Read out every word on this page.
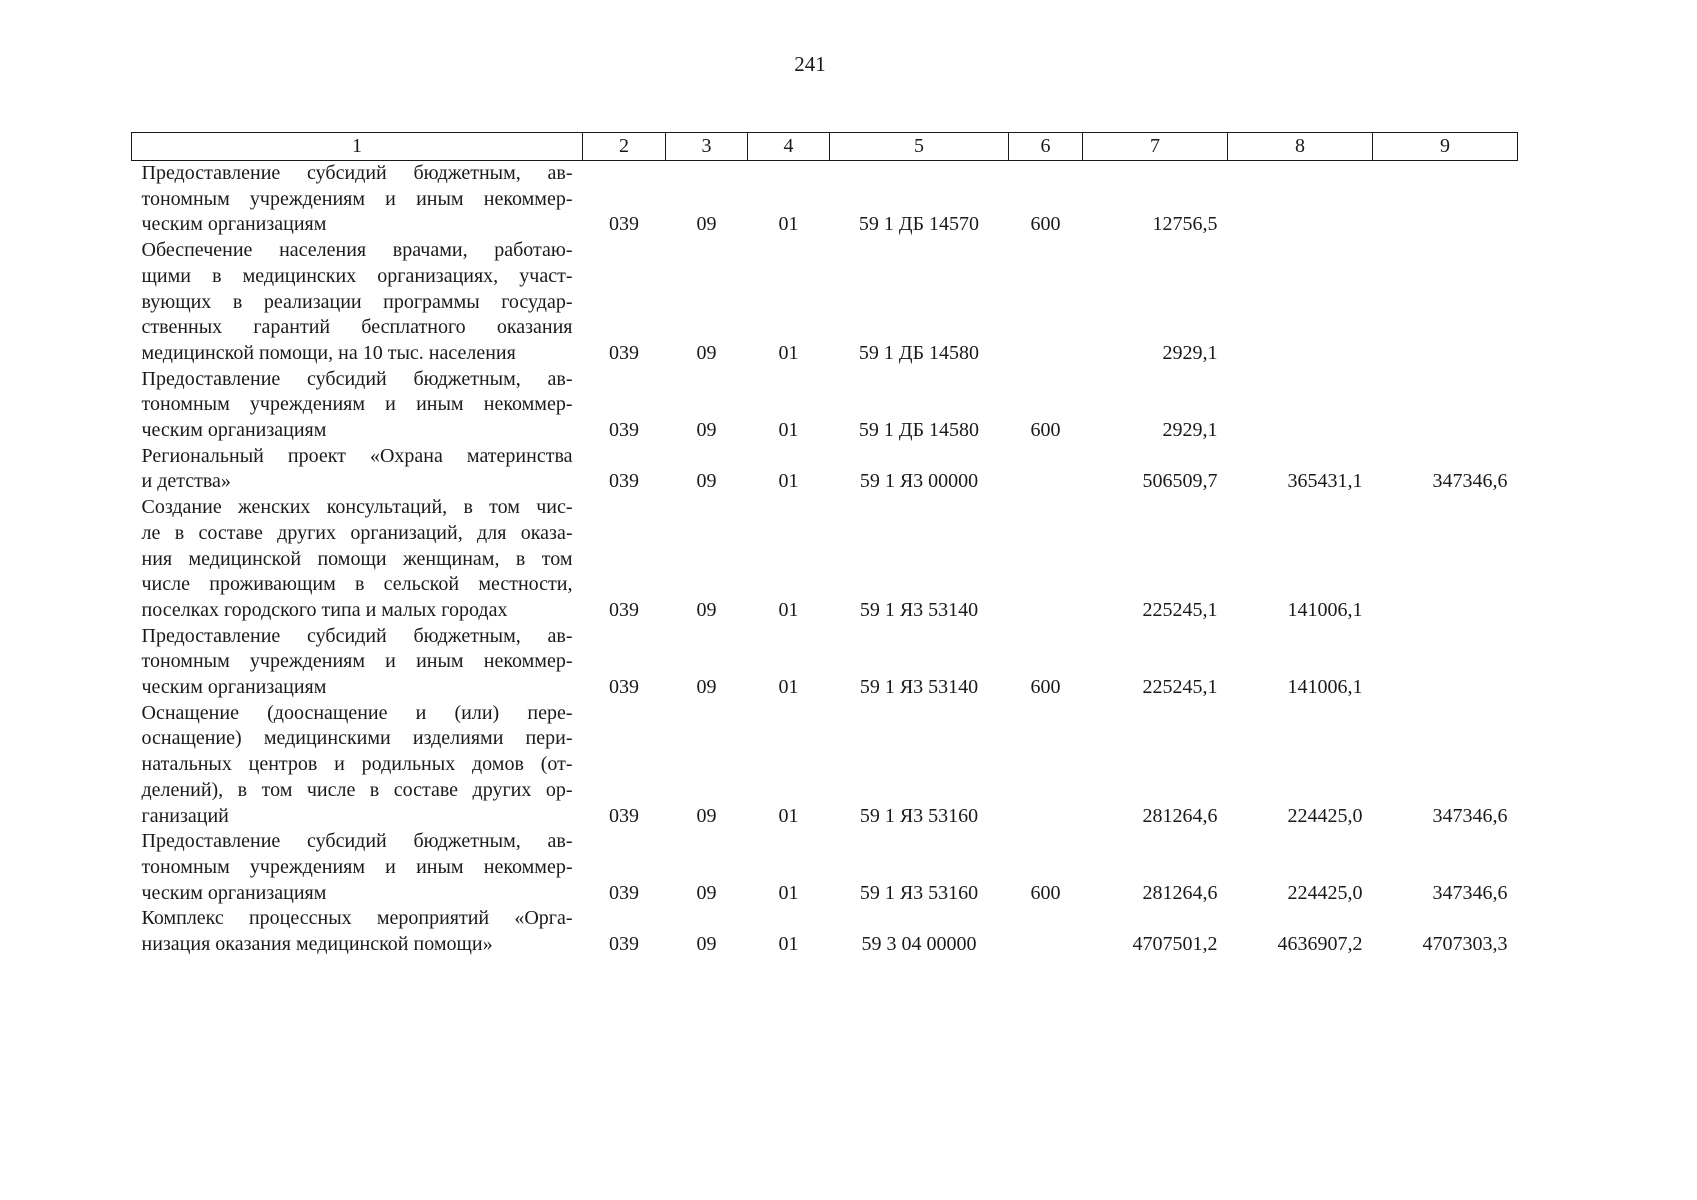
241
1	2	3	4	5	6	7	8	9

Предоставление субсидий бюджетным, ав-
тономным учреждениям и иным некоммер-
ческим организациям	039	09	01	59 1 ДБ 14570	600	12756,5		

Обеспечение населения врачами, работаю-
щими в медицинских организациях, участ-
вующих в реализации программы государ-
ственных гарантий бесплатного оказания
медицинской помощи, на 10 тыс. населения	039	09	01	59 1 ДБ 14580		2929,1		

Предоставление субсидий бюджетным, ав-
тономным учреждениям и иным некоммер-
ческим организациям	039	09	01	59 1 ДБ 14580	600	2929,1		

Региональный проект «Охрана материнства
и детства»	039	09	01	59 1 Я3 00000		506509,7	365431,1	347346,6

Создание женских консультаций, в том чис-
ле в составе других организаций, для оказа-
ния медицинской помощи женщинам, в том
числе проживающим в сельской местности,
поселках городского типа и малых городах	039	09	01	59 1 Я3 53140		225245,1	141006,1	

Предоставление субсидий бюджетным, ав-
тономным учреждениям и иным некоммер-
ческим организациям	039	09	01	59 1 Я3 53140	600	225245,1	141006,1	

Оснащение (дооснащение и (или) пере-
оснащение) медицинскими изделиями пери-
натальных центров и родильных домов (от-
делений), в том числе в составе других ор-
ганизаций	039	09	01	59 1 Я3 53160		281264,6	224425,0	347346,6

Предоставление субсидий бюджетным, ав-
тономным учреждениям и иным некоммер-
ческим организациям	039	09	01	59 1 Я3 53160	600	281264,6	224425,0	347346,6

Комплекс процессных мероприятий «Орга-
низация оказания медицинской помощи»	039	09	01	59 3 04 00000		4707501,2	4636907,2	4707303,3
